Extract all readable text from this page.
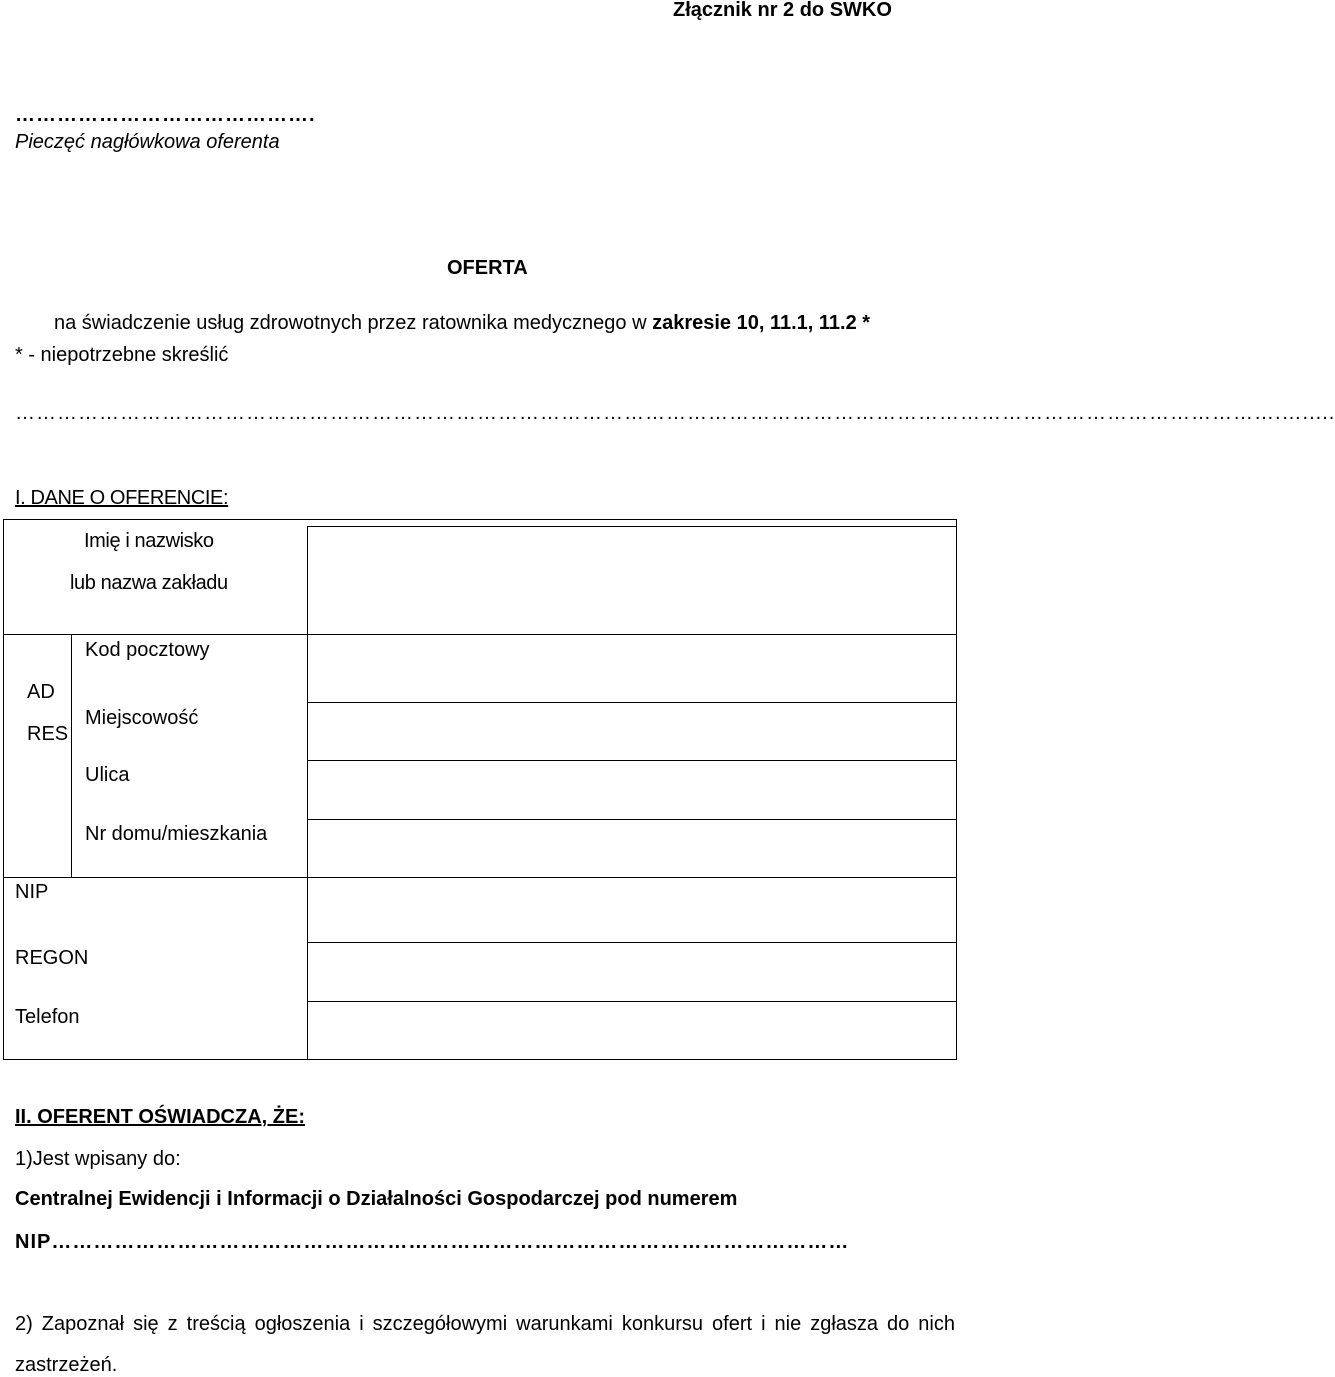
Złącznik nr 2 do SWKO
…………………………………….
Pieczęć nagłówkowa oferenta
OFERTA
na świadczenie usług zdrowotnych przez ratownika medycznego w zakresie 10, 11.1, 11.2 *
* - niepotrzebne skreślić
……………………………………………………………………………………………………………………………………………………………….….....
I. DANE O OFERENCIE:
Imię i nazwisko
lub nazwa zakładu
AD
RES
Kod pocztowy
Miejscowość
Ulica
Nr domu/mieszkania
NIP
REGON
Telefon
II. OFERENT OŚWIADCZA, ŻE:
1)Jest wpisany do:
Centralnej Ewidencji i Informacji o Działalności Gospodarczej pod numerem
NIP……………………………………………………………………………………………………
2) Zapoznał się z treścią ogłoszenia i szczegółowymi warunkami konkursu ofert i nie zgłasza do nich
zastrzeżeń.
